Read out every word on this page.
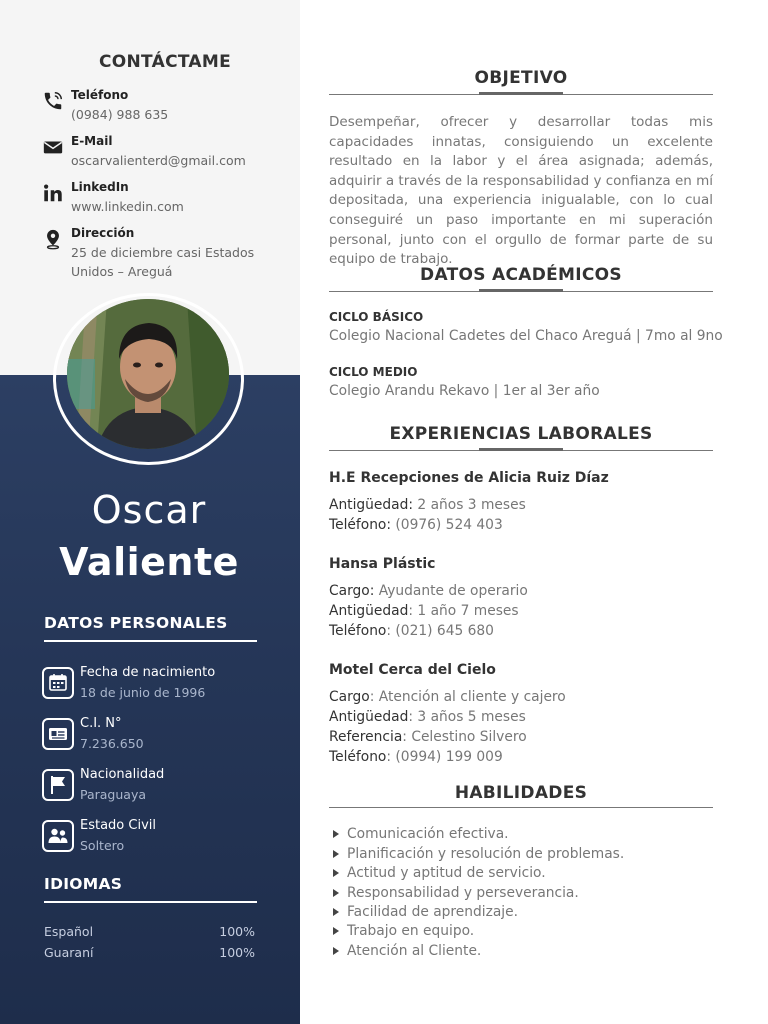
CONTÁCTAME
Teléfono
(0984) 988 635
E-Mail
oscarvalienterd@gmail.com
LinkedIn
www.linkedin.com
Dirección
25 de diciembre casi Estados Unidos – Areguá
Oscar
Valiente
DATOS PERSONALES
Fecha de nacimiento
18 de junio de 1996
C.I. N°
7.236.650
Nacionalidad
Paraguaya
Estado Civil
Soltero
IDIOMAS
Español	100%
Guaraní	100%
OBJETIVO
Desempeñar, ofrecer y desarrollar todas mis capacidades innatas, consiguiendo un excelente resultado en la labor y el área asignada; además, adquirir a través de la responsabilidad y confianza en mí depositada, una experiencia inigualable, con lo cual conseguiré un paso importante en mi superación personal, junto con el orgullo de formar parte de su equipo de trabajo.
DATOS ACADÉMICOS
CICLO BÁSICO
Colegio Nacional Cadetes del Chaco Areguá | 7mo al 9no
CICLO MEDIO
Colegio Arandu Rekavo | 1er al 3er año
EXPERIENCIAS LABORALES
H.E Recepciones de Alicia Ruiz Díaz
Antigüedad: 2 años 3 meses
Teléfono: (0976) 524 403
Hansa Plástic
Cargo: Ayudante de operario
Antigüedad: 1 año 7 meses
Teléfono: (021) 645 680
Motel Cerca del Cielo
Cargo: Atención al cliente y cajero
Antigüedad: 3 años 5 meses
Referencia: Celestino Silvero
Teléfono: (0994) 199 009
HABILIDADES
Comunicación efectiva.
Planificación y resolución de problemas.
Actitud y aptitud de servicio.
Responsabilidad y perseverancia.
Facilidad de aprendizaje.
Trabajo en equipo.
Atención al Cliente.
